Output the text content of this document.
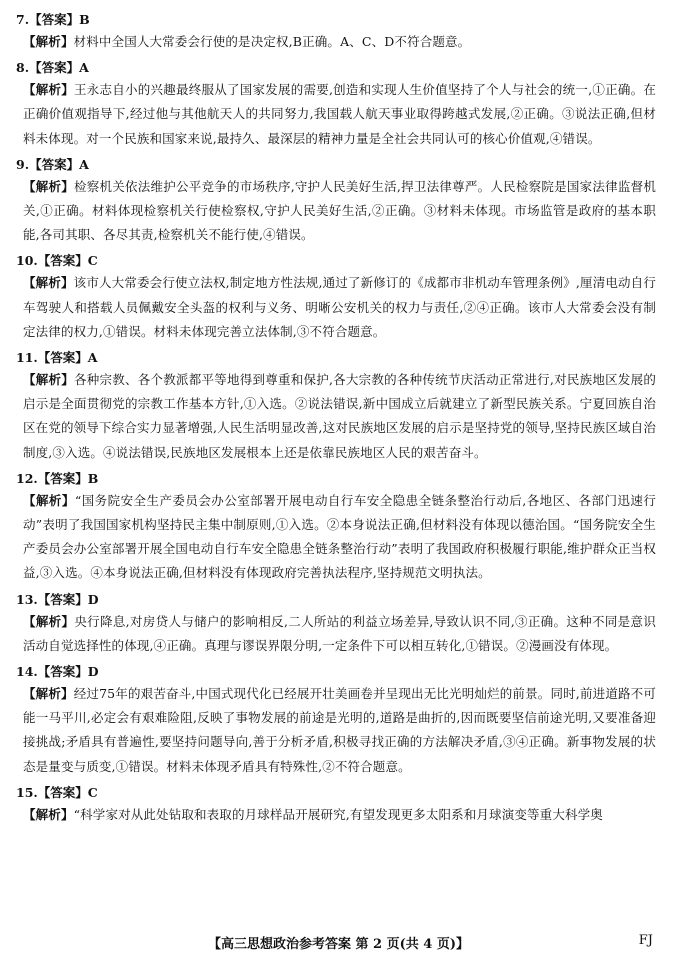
7.【答案】B
【解析】材料中全国人大常委会行使的是决定权,B正确。A、C、D不符合题意。
8.【答案】A
【解析】王永志自小的兴趣最终服从了国家发展的需要,创造和实现人生价值坚持了个人与社会的统一,①正确。在正确价值观指导下,经过他与其他航天人的共同努力,我国载人航天事业取得跨越式发展,②正确。③说法正确,但材料未体现。对一个民族和国家来说,最持久、最深层的精神力量是全社会共同认可的核心价值观,④错误。
9.【答案】A
【解析】检察机关依法维护公平竞争的市场秩序,守护人民美好生活,捍卫法律尊严。人民检察院是国家法律监督机关,①正确。材料体现检察机关行使检察权,守护人民美好生活,②正确。③材料未体现。市场监管是政府的基本职能,各司其职、各尽其责,检察机关不能行使,④错误。
10.【答案】C
【解析】该市人大常委会行使立法权,制定地方性法规,通过了新修订的《成都市非机动车管理条例》,厘清电动自行车驾驶人和搭载人员佩戴安全头盔的权利与义务、明晰公安机关的权力与责任,②④正确。该市人大常委会没有制定法律的权力,①错误。材料未体现完善立法体制,③不符合题意。
11.【答案】A
【解析】各种宗教、各个教派都平等地得到尊重和保护,各大宗教的各种传统节庆活动正常进行,对民族地区发展的启示是全面贯彻党的宗教工作基本方针,①入选。②说法错误,新中国成立后就建立了新型民族关系。宁夏回族自治区在党的领导下综合实力显著增强,人民生活明显改善,这对民族地区发展的启示是坚持党的领导,坚持民族区域自治制度,③入选。④说法错误,民族地区发展根本上还是依靠民族地区人民的艰苦奋斗。
12.【答案】B
【解析】“国务院安全生产委员会办公室部署开展电动自行车安全隐患全链条整治行动后,各地区、各部门迅速行动”表明了我国国家机构坚持民主集中制原则,①入选。②本身说法正确,但材料没有体现以德治国。“国务院安全生产委员会办公室部署开展全国电动自行车安全隐患全链条整治行动”表明了我国政府积极履行职能,维护群众正当权益,③入选。④本身说法正确,但材料没有体现政府完善执法程序,坚持规范文明执法。
13.【答案】D
【解析】央行降息,对房贷人与储户的影响相反,二人所站的利益立场差异,导致认识不同,③正确。这种不同是意识活动自觉选择性的体现,④正确。真理与谬误界限分明,一定条件下可以相互转化,①错误。②漫画没有体现。
14.【答案】D
【解析】经过75年的艰苦奋斗,中国式现代化已经展开壮美画卷并呈现出无比光明灿烂的前景。同时,前进道路不可能一马平川,必定会有艰难险阻,反映了事物发展的前途是光明的,道路是曲折的,因而既要坚信前途光明,又要准备迎接挑战;矛盾具有普遍性,要坚持问题导向,善于分析矛盾,积极寻找正确的方法解决矛盾,③④正确。新事物发展的状态是量变与质变,①错误。材料未体现矛盾具有特殊性,②不符合题意。
15.【答案】C
【解析】“科学家对从此处钻取和表取的月球样品开展研究,有望发现更多太阳系和月球演变等重大科学奥
【高三思想政治参考答案 第 2 页(共 4 页)】	FJ
